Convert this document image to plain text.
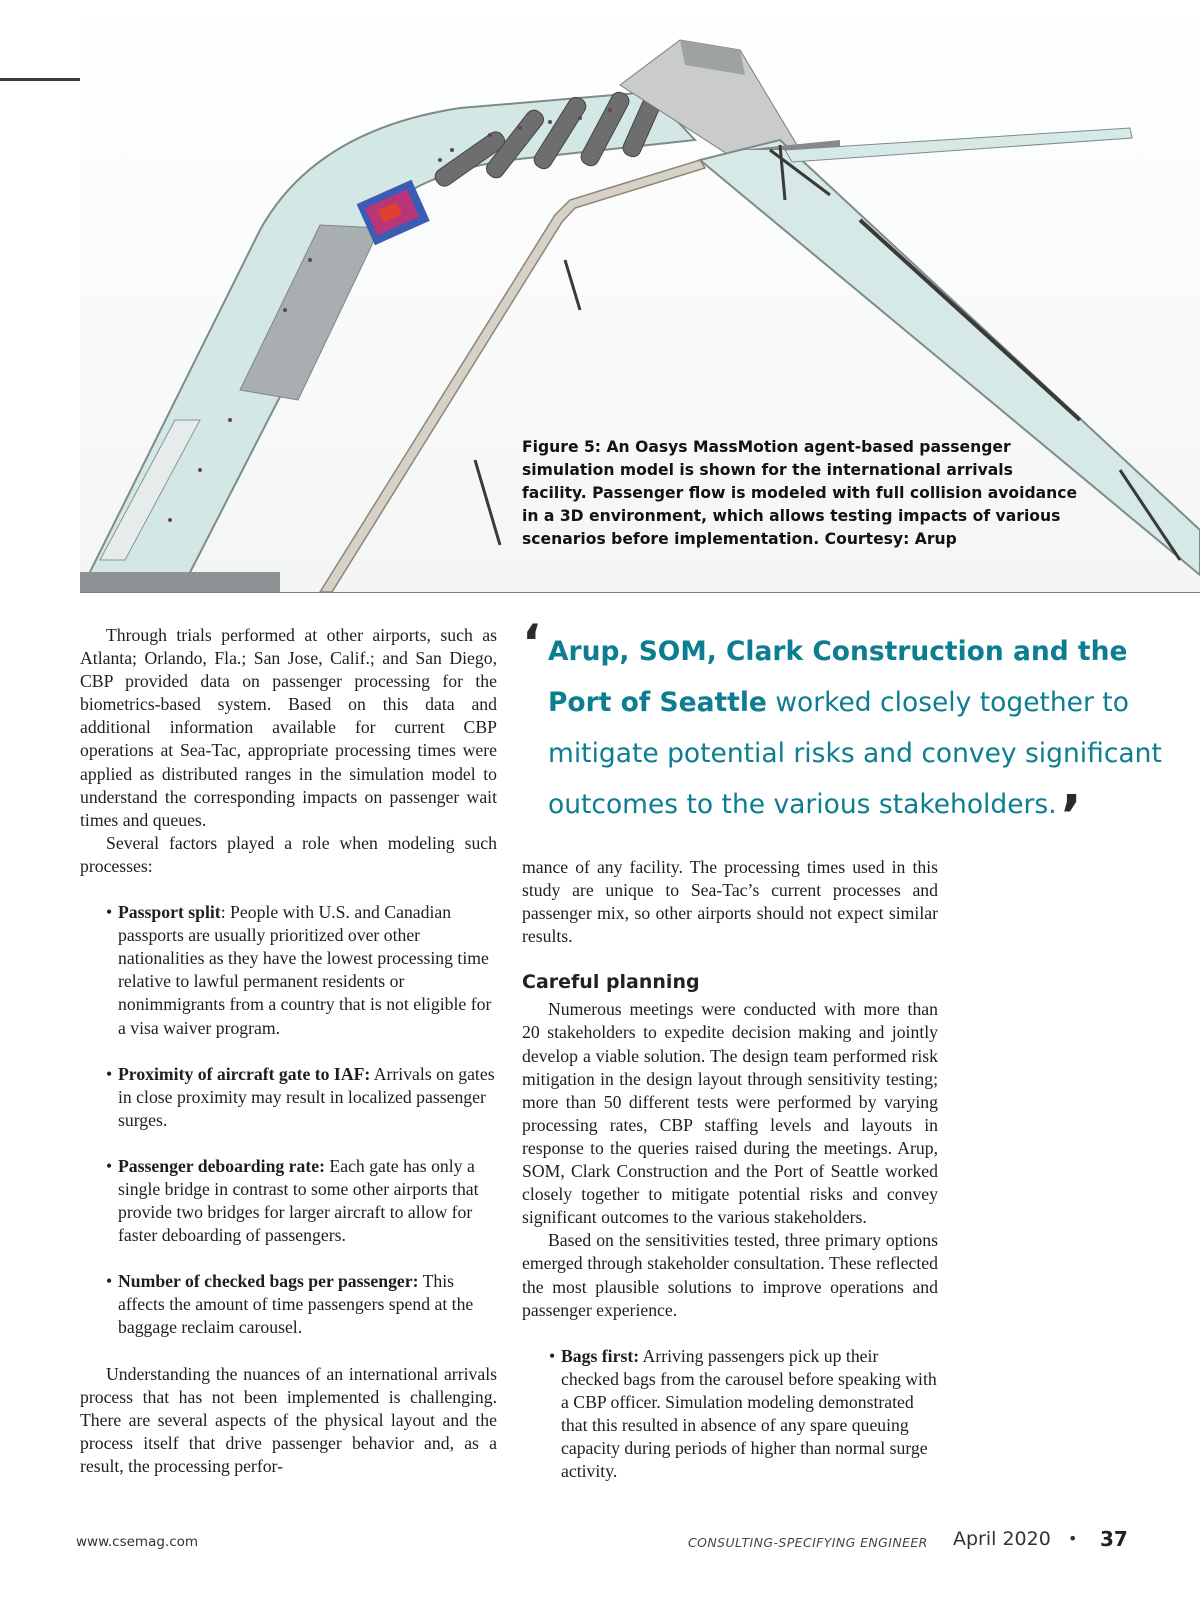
Figure 5: An Oasys MassMotion agent-based passenger simulation model is shown for the international arrivals facility. Passenger flow is modeled with full collision avoidance in a 3D environment, which allows testing impacts of various scenarios before implementation. Courtesy: Arup
‘ Arup, SOM, Clark Construction and the Port of Seattle worked closely together to mitigate potential risks and convey significant outcomes to the various stakeholders.’

Through trials performed at other airports, such as Atlanta; Orlando, Fla.; San Jose, Calif.; and San Diego, CBP provided data on passenger processing for the biometrics-based system. Based on this data and additional information available for current CBP operations at Sea-Tac, appropriate processing times were applied as distributed ranges in the simulation model to understand the corresponding impacts on passenger wait times and queues.

Several factors played a role when modeling such processes:

• Passport split: People with U.S. and Canadian passports are usually prioritized over other nationalities as they have the lowest processing time relative to lawful permanent residents or nonimmigrants from a country that is not eligible for a visa waiver program.
• Proximity of aircraft gate to IAF: Arrivals on gates in close proximity may result in localized passenger surges.
• Passenger deboarding rate: Each gate has only a single bridge in contrast to some other airports that provide two bridges for larger aircraft to allow for faster deboarding of passengers.
• Number of checked bags per passenger: This affects the amount of time passengers spend at the baggage reclaim carousel.

Understanding the nuances of an international arrivals process that has not been implemented is challenging. There are several aspects of the physical layout and the process itself that drive passenger behavior and, as a result, the processing perfor-

mance of any facility. The processing times used in this study are unique to Sea-Tac’s current processes and passenger mix, so other airports should not expect similar results.

Careful planning

Numerous meetings were conducted with more than 20 stakeholders to expedite decision making and jointly develop a viable solution. The design team performed risk mitigation in the design layout through sensitivity testing; more than 50 different tests were performed by varying processing rates, CBP staffing levels and layouts in response to the queries raised during the meetings. Arup, SOM, Clark Construction and the Port of Seattle worked closely together to mitigate potential risks and convey significant outcomes to the various stakeholders.

Based on the sensitivities tested, three primary options emerged through stakeholder consultation. These reflected the most plausible solutions to improve operations and passenger experience.

• Bags first: Arriving passengers pick up their checked bags from the carousel before speaking with a CBP officer. Simulation modeling demonstrated that this resulted in absence of any spare queuing capacity during periods of higher than normal surge activity.
www.csemag.com	CONSULTING-SPECIFYING ENGINEER April 2020 • 37
